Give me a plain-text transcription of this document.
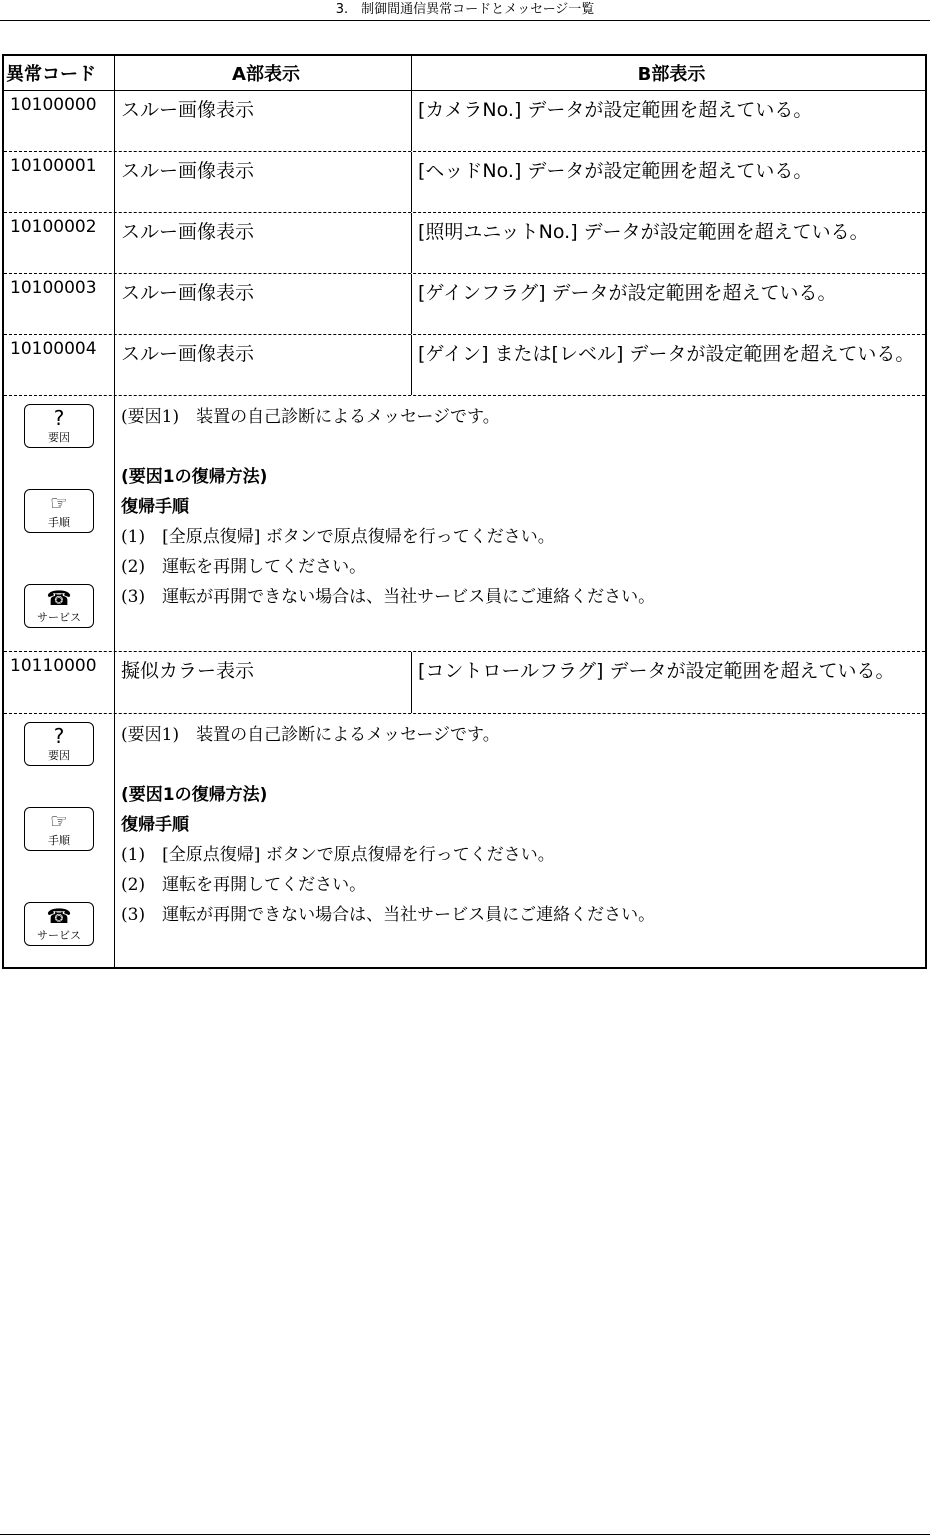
3.　制御間通信異常コードとメッセージ一覧
異常コード	A部表示	B部表示
10100000	スルー画像表示	[カメラNo.] データが設定範囲を超えている。
10100001	スルー画像表示	[ヘッドNo.] データが設定範囲を超えている。
10100002	スルー画像表示	[照明ユニットNo.] データが設定範囲を超えている。
10100003	スルー画像表示	[ゲインフラグ] データが設定範囲を超えている。
10100004	スルー画像表示	[ゲイン] または[レベル] データが設定範囲を超えている。
?
要因
☞
手順
☎
サービス
(要因1)　装置の自己診断によるメッセージです。
(要因1の復帰方法)
復帰手順
(1)　[全原点復帰] ボタンで原点復帰を行ってください。
(2)　運転を再開してください。
(3)　運転が再開できない場合は、当社サービス員にご連絡ください。
10110000	擬似カラー表示	[コントロールフラグ] データが設定範囲を超えている。
?
要因
☞
手順
☎
サービス
(要因1)　装置の自己診断によるメッセージです。
(要因1の復帰方法)
復帰手順
(1)　[全原点復帰] ボタンで原点復帰を行ってください。
(2)　運転を再開してください。
(3)　運転が再開できない場合は、当社サービス員にご連絡ください。
